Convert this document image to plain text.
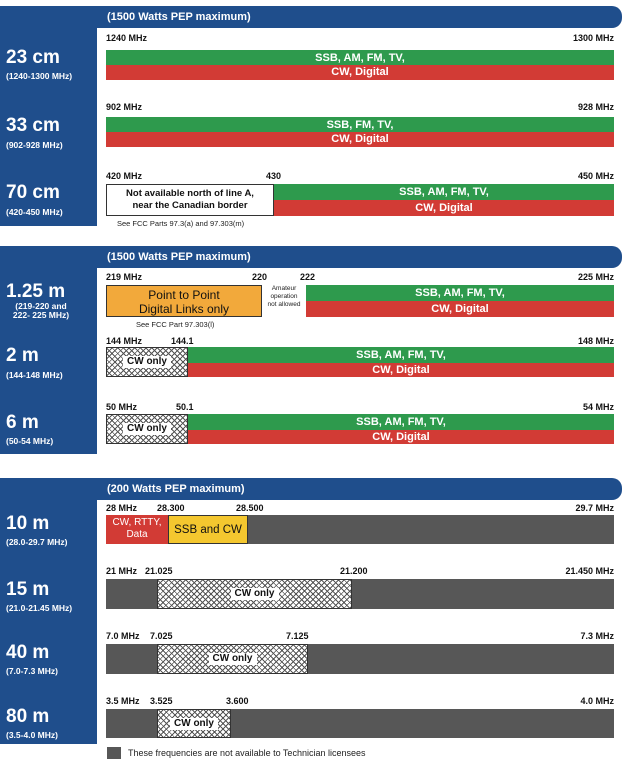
(1500 Watts PEP maximum)
23 cm
(1240-1300 MHz)
1240 MHz	1300 MHz
SSB, AM, FM, TV,
CW, Digital
33 cm
(902-928 MHz)
902 MHz	928 MHz
SSB, FM, TV,
CW, Digital
70 cm
(420-450 MHz)
420 MHz	430	450 MHz
Not available north of line A,
near the Canadian border
SSB, AM, FM, TV,
CW, Digital
See FCC Parts 97.3(a) and 97.303(m)
(1500 Watts PEP maximum)
1.25 m
(219-220 and
222- 225 MHz)
219 MHz	220	222	225 MHz
Point to Point
Digital Links only
Amateur
operation
not allowed
SSB, AM, FM, TV,
CW, Digital
See FCC Part 97.303(l)
2 m
(144-148 MHz)
144 MHz	144.1	148 MHz
CW only
SSB, AM, FM, TV,
CW, Digital
6 m
(50-54 MHz)
50 MHz	50.1	54 MHz
CW only
SSB, AM, FM, TV,
CW, Digital
(200 Watts PEP maximum)
10 m
(28.0-29.7 MHz)
28 MHz 28.300	28.500	29.7 MHz
CW, RTTY,
Data	SSB and CW
15 m
(21.0-21.45 MHz)
21 MHz 21.025	21.200	21.450 MHz
CW only
40 m
(7.0-7.3 MHz)
7.0 MHz 7.025	7.125	7.3 MHz
CW only
80 m
(3.5-4.0 MHz)
3.5 MHz 3.525	3.600	4.0 MHz
CW only
These frequencies are not available to Technician licensees
